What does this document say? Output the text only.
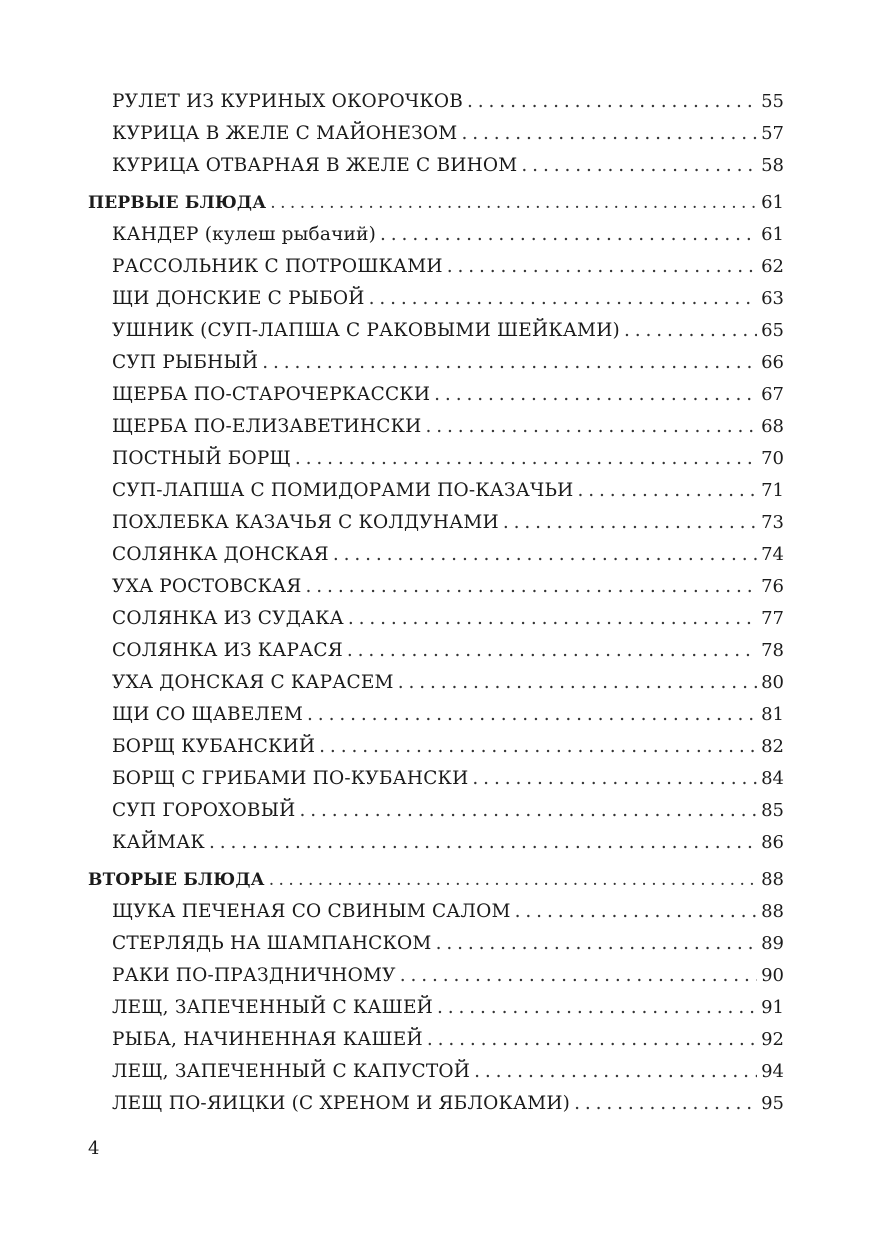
РУЛЕТ ИЗ КУРИНЫХ ОКОРОЧКОВ . . .	55
КУРИЦА В ЖЕЛЕ С МАЙОНЕЗОМ . . .	57
КУРИЦА ОТВАРНАЯ В ЖЕЛЕ С ВИНОМ . . .	58
ПЕРВЫЕ БЛЮДА . . .	61
КАНДЕР (кулеш рыбачий) . . .	61
РАССОЛЬНИК С ПОТРОШКАМИ . . .	62
ЩИ ДОНСКИЕ С РЫБОЙ . . .	63
УШНИК (СУП-ЛАПША С РАКОВЫМИ ШЕЙКАМИ) . . .	65
СУП РЫБНЫЙ . . .	66
ЩЕРБА ПО-СТАРОЧЕРКАССКИ . . .	67
ЩЕРБА ПО-ЕЛИЗАВЕТИНСКИ . . .	68
ПОСТНЫЙ БОРЩ . . .	70
СУП-ЛАПША С ПОМИДОРАМИ ПО-КАЗАЧЬИ . . .	71
ПОХЛЕБКА КАЗАЧЬЯ С КОЛДУНАМИ . . .	73
СОЛЯНКА ДОНСКАЯ . . .	74
УХА РОСТОВСКАЯ . . .	76
СОЛЯНКА ИЗ СУДАКА . . .	77
СОЛЯНКА ИЗ КАРАСЯ . . .	78
УХА ДОНСКАЯ С КАРАСЕМ . . .	80
ЩИ СО ЩАВЕЛЕМ . . .	81
БОРЩ КУБАНСКИЙ . . .	82
БОРЩ С ГРИБАМИ ПО-КУБАНСКИ . . .	84
СУП ГОРОХОВЫЙ . . .	85
КАЙМАК . . .	86
ВТОРЫЕ БЛЮДА . . .	88
ЩУКА ПЕЧЕНАЯ СО СВИНЫМ САЛОМ . . .	88
СТЕРЛЯДЬ НА ШАМПАНСКОМ . . .	89
РАКИ ПО-ПРАЗДНИЧНОМУ . . .	90
ЛЕЩ, ЗАПЕЧЕННЫЙ С КАШЕЙ . . .	91
РЫБА, НАЧИНЕННАЯ КАШЕЙ . . .	92
ЛЕЩ, ЗАПЕЧЕННЫЙ С КАПУСТОЙ . . .	94
ЛЕЩ ПО-ЯИЦКИ (С ХРЕНОМ И ЯБЛОКАМИ) . . .	95
4
